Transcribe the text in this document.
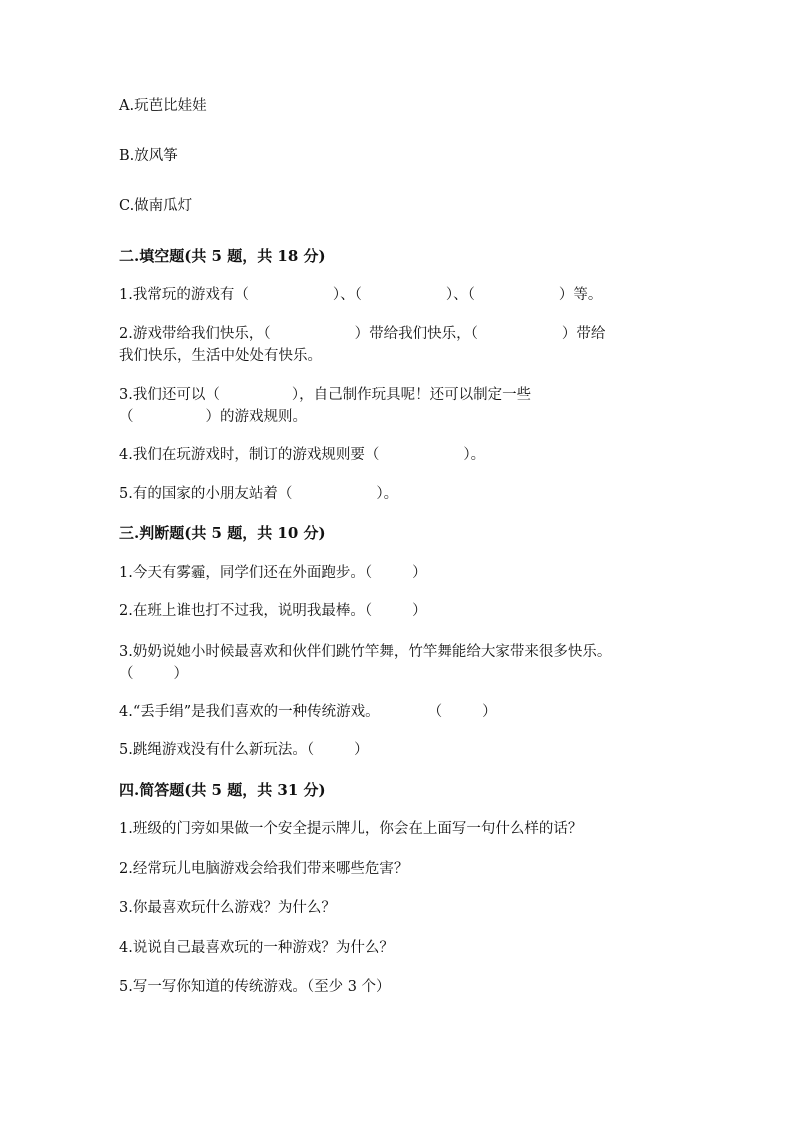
A.玩芭比娃娃

B.放风筝

C.做南瓜灯

二.填空题(共 5 题，共 18 分)

1.我常玩的游戏有（	）、（	）、（	）等。

2.游戏带给我们快乐，（	）带给我们快乐，（	）带给

我们快乐，生活中处处有快乐。

3.我们还可以（	），自己制作玩具呢！还可以制定一些

（	）的游戏规则。

4.我们在玩游戏时，制订的游戏规则要（	）。

5.有的国家的小朋友站着（	）。

三.判断题(共 5 题，共 10 分)

1.今天有雾霾，同学们还在外面跑步。（	）

2.在班上谁也打不过我，说明我最棒。（	）

3.奶奶说她小时候最喜欢和伙伴们跳竹竿舞，竹竿舞能给大家带来很多快乐。

（	）

4.“丢手绢”是我们喜欢的一种传统游戏。	（	）

5.跳绳游戏没有什么新玩法。（	）

四.简答题(共 5 题，共 31 分)

1.班级的门旁如果做一个安全提示牌儿，你会在上面写一句什么样的话？

2.经常玩儿电脑游戏会给我们带来哪些危害？

3.你最喜欢玩什么游戏？为什么？

4.说说自己最喜欢玩的一种游戏？为什么？

5.写一写你知道的传统游戏。（至少 3 个）
